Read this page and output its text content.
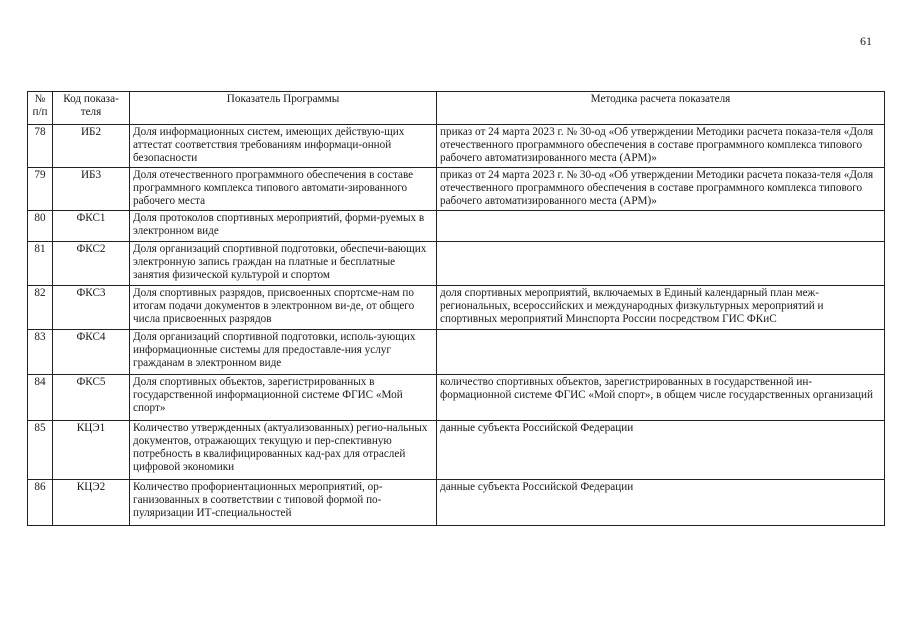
61
№ п/п	Код показа-теля	Показатель Программы	Методика расчета показателя
78	ИБ2	Доля информационных систем, имеющих действую-щих аттестат соответствия требованиям информаци-онной безопасности	приказ от 24 марта 2023 г. № 30-од «Об утверждении Методики расчета показа-теля «Доля отечественного программного обеспечения в составе программного комплекса типового рабочего автоматизированного места (АРМ)»
79	ИБ3	Доля отечественного программного обеспечения в составе программного комплекса типового автомати-зированного рабочего места	приказ от 24 марта 2023 г. № 30-од «Об утверждении Методики расчета показа-теля «Доля отечественного программного обеспечения в составе программного комплекса типового рабочего автоматизированного места (АРМ)»
80	ФКС1	Доля протоколов спортивных мероприятий, форми-руемых в электронном виде	
81	ФКС2	Доля организаций спортивной подготовки, обеспечи-вающих электронную запись граждан на платные и бесплатные занятия физической культурой и спортом	
82	ФКС3	Доля спортивных разрядов, присвоенных спортсме-нам по итогам подачи документов в электронном ви-де, от общего числа присвоенных разрядов	доля спортивных мероприятий, включаемых в Единый календарный план меж-региональных, всероссийских и международных физкультурных мероприятий и спортивных мероприятий Минспорта России посредством ГИС ФКиС
83	ФКС4	Доля организаций спортивной подготовки, исполь-зующих информационные системы для предоставле-ния услуг гражданам в электронном виде	
84	ФКС5	Доля спортивных объектов, зарегистрированных в государственной информационной системе ФГИС «Мой спорт»	количество спортивных объектов, зарегистрированных в государственной ин-формационной системе ФГИС «Мой спорт», в общем числе государственных организаций
85	КЦЭ1	Количество утвержденных (актуализованных) регио-нальных документов, отражающих текущую и пер-спективную потребность в квалифицированных кад-рах для отраслей цифровой экономики	данные субъекта Российской Федерации
86	КЦЭ2	Количество профориентационных мероприятий, ор-ганизованных в соответствии с типовой формой по-пуляризации ИТ-специальностей	данные субъекта Российской Федерации
